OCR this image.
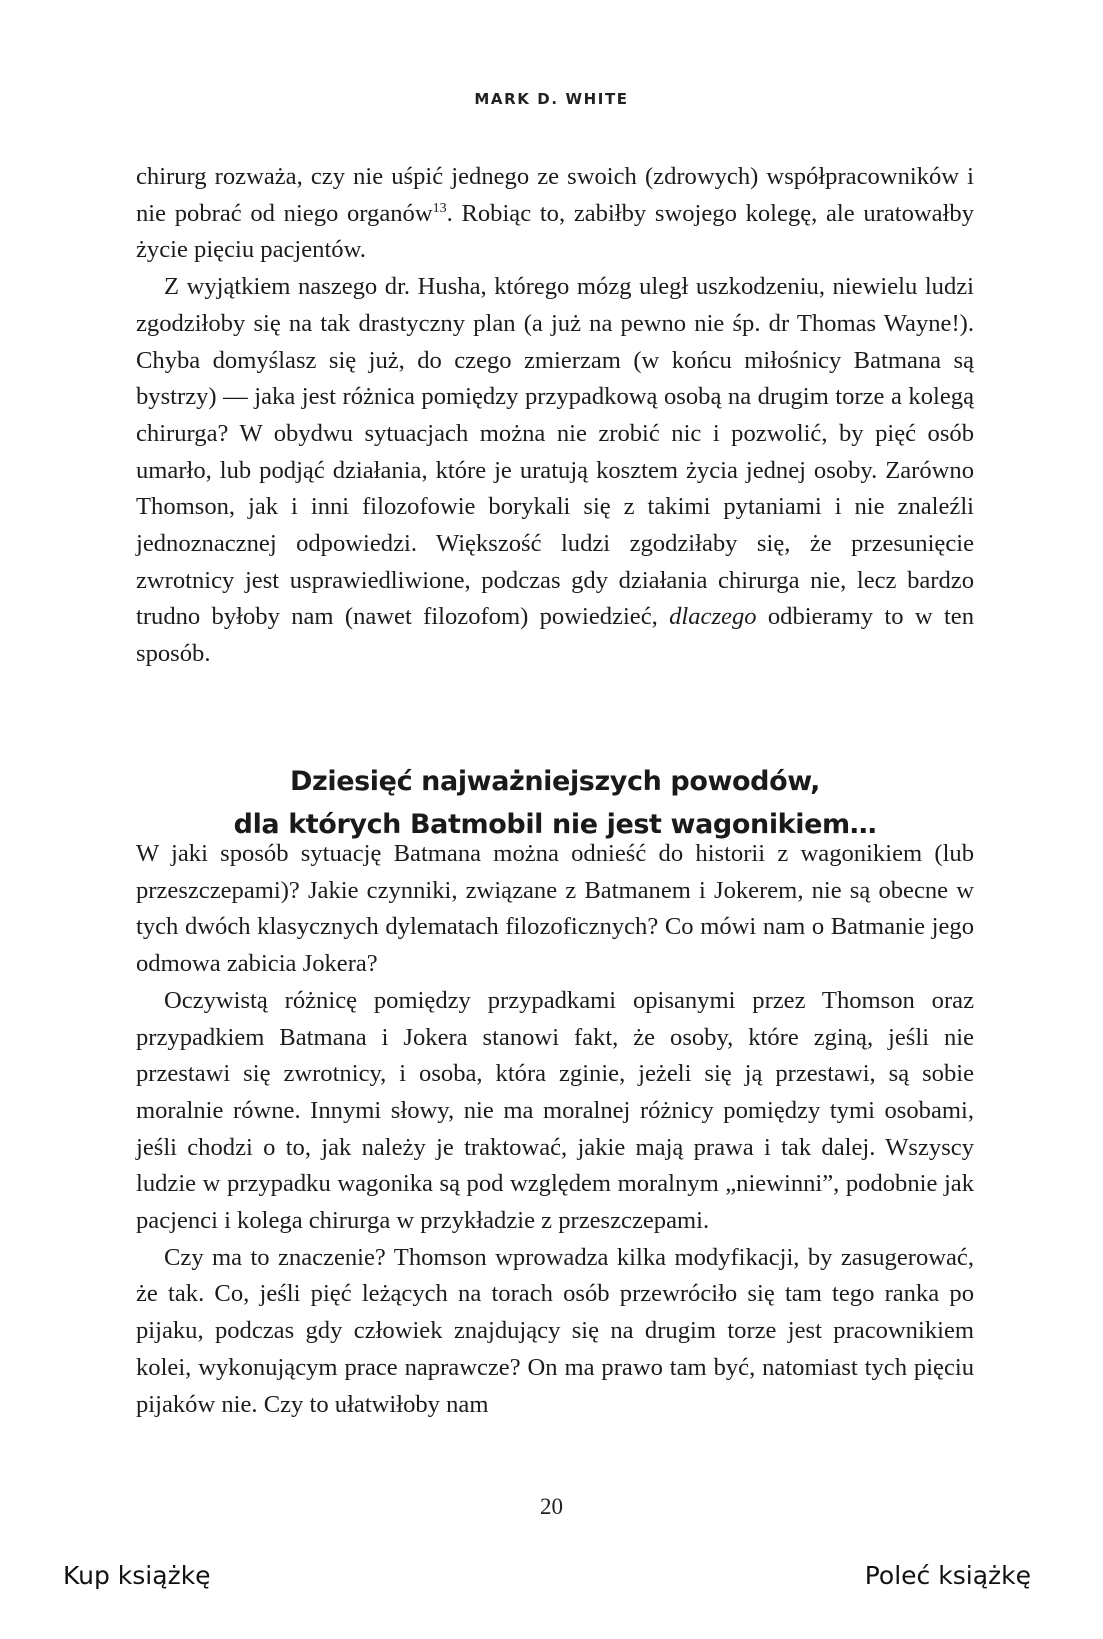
MARK D. WHITE

chirurg rozważa, czy nie uśpić jednego ze swoich (zdrowych) współpracowników i nie pobrać od niego organów$^{13}$. Robiąc to, zabiłby swojego kolegę, ale uratowałby życie pięciu pacjentów.

Z wyjątkiem naszego dr. Husha, którego mózg uległ uszkodzeniu, niewielu ludzi zgodziłoby się na tak drastyczny plan (a już na pewno nie śp. dr Thomas Wayne!). Chyba domyślasz się już, do czego zmierzam (w końcu miłośnicy Batmana są bystrzy) — jaka jest różnica pomiędzy przypadkową osobą na drugim torze a kolegą chirurga? W obydwu sytuacjach można nie zrobić nic i pozwolić, by pięć osób umarło, lub podjąć działania, które je uratują kosztem życia jednej osoby. Zarówno Thomson, jak i inni filozofowie borykali się z takimi pytaniami i nie znaleźli jednoznacznej odpowiedzi. Większość ludzi zgodziłaby się, że przesunięcie zwrotnicy jest usprawiedliwione, podczas gdy działania chirurga nie, lecz bardzo trudno byłoby nam (nawet filozofom) powiedzieć, dlaczego odbieramy to w ten sposób.

Dziesięć najważniejszych powodów,
dla których Batmobil nie jest wagonikiem…

W jaki sposób sytuację Batmana można odnieść do historii z wagonikiem (lub przeszczepami)? Jakie czynniki, związane z Batmanem i Jokerem, nie są obecne w tych dwóch klasycznych dylematach filozoficznych? Co mówi nam o Batmanie jego odmowa zabicia Jokera?

Oczywistą różnicę pomiędzy przypadkami opisanymi przez Thomson oraz przypadkiem Batmana i Jokera stanowi fakt, że osoby, które zginą, jeśli nie przestawi się zwrotnicy, i osoba, która zginie, jeżeli się ją przestawi, są sobie moralnie równe. Innymi słowy, nie ma moralnej różnicy pomiędzy tymi osobami, jeśli chodzi o to, jak należy je traktować, jakie mają prawa i tak dalej. Wszyscy ludzie w przypadku wagonika są pod względem moralnym „niewinni”, podobnie jak pacjenci i kolega chirurga w przykładzie z przeszczepami.

Czy ma to znaczenie? Thomson wprowadza kilka modyfikacji, by zasugerować, że tak. Co, jeśli pięć leżących na torach osób przewróciło się tam tego ranka po pijaku, podczas gdy człowiek znajdujący się na drugim torze jest pracownikiem kolei, wykonującym prace naprawcze? On ma prawo tam być, natomiast tych pięciu pijaków nie. Czy to ułatwiłoby nam

20
Kup książkę	Poleć książkę
